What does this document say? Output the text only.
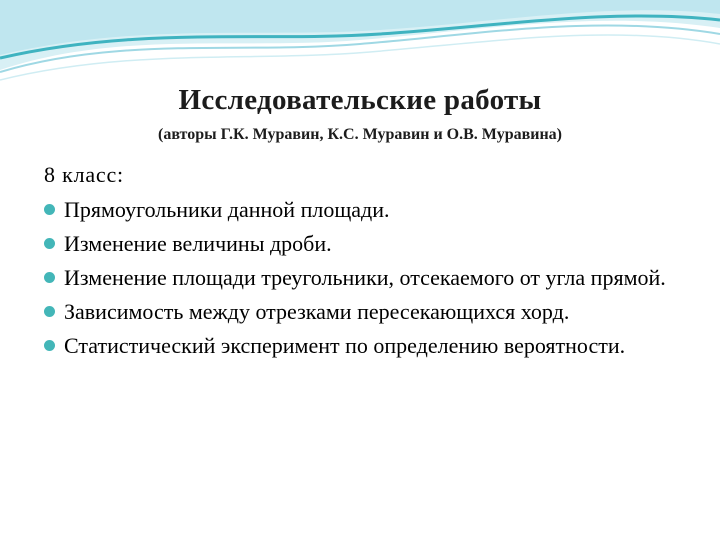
Исследовательские работы
(авторы Г.К. Муравин, К.С. Муравин и О.В. Муравина)
8 класс:
Прямоугольники данной площади.
Изменение величины дроби.
Изменение площади треугольники, отсекаемого от угла прямой.
Зависимость между отрезками пересекающихся хорд.
Статистический эксперимент по определению вероятности.
